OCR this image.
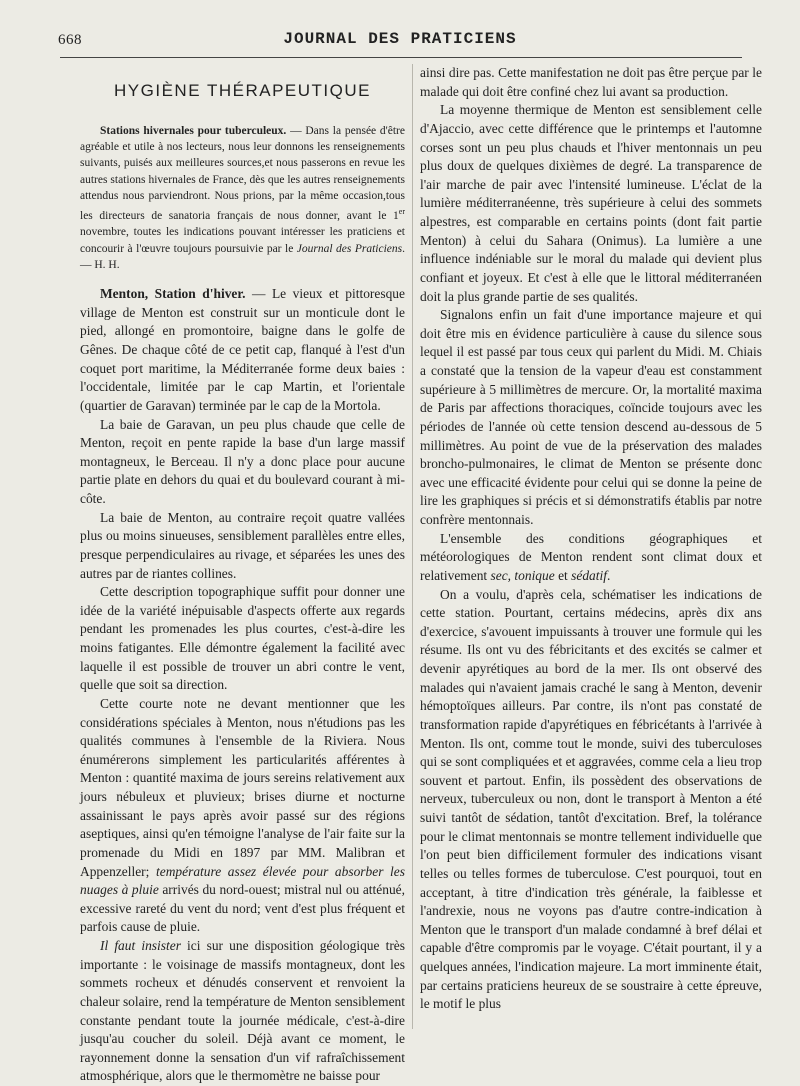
668	JOURNAL DES PRATICIENS
HYGIÈNE THÉRAPEUTIQUE

Stations hivernales pour tuberculeux. — Dans la pensée d'être agréable et utile à nos lecteurs, nous leur donnons les renseignements suivants, puisés aux meilleures sources,et nous passerons en revue les autres stations hivernales de France, dès que les autres renseignements attendus nous parviendront. Nous prions, par la même occasion,tous les directeurs de sanatoria français de nous donner, avant le 1er novembre, toutes les indications pouvant intéresser les praticiens et concourir à l'œuvre toujours poursuivie par le Journal des Praticiens. — H. H.

Menton, Station d'hiver. — Le vieux et pittoresque village de Menton est construit sur un monticule dont le pied, allongé en promontoire, baigne dans le golfe de Gênes. De chaque côté de ce petit cap, flanqué à l'est d'un coquet port maritime, la Méditerranée forme deux baies : l'occidentale, limitée par le cap Martin, et l'orientale (quartier de Garavan) terminée par le cap de la Mortola.

La baie de Garavan, un peu plus chaude que celle de Menton, reçoit en pente rapide la base d'un large massif montagneux, le Berceau. Il n'y a donc place pour aucune partie plate en dehors du quai et du boulevard courant à mi-côte.

La baie de Menton, au contraire reçoit quatre vallées plus ou moins sinueuses, sensiblement parallèles entre elles, presque perpendiculaires au rivage, et séparées les unes des autres par de riantes collines.

Cette description topographique suffit pour donner une idée de la variété inépuisable d'aspects offerte aux regards pendant les promenades les plus courtes, c'est-à-dire les moins fatigantes. Elle démontre également la facilité avec laquelle il est possible de trouver un abri contre le vent, quelle que soit sa direction.

Cette courte note ne devant mentionner que les considérations spéciales à Menton, nous n'étudions pas les qualités communes à l'ensemble de la Riviera. Nous énumérerons simplement les particularités afférentes à Menton : quantité maxima de jours sereins relativement aux jours nébuleux et pluvieux; brises diurne et nocturne assainissant le pays après avoir passé sur des régions aseptiques, ainsi qu'en témoigne l'analyse de l'air faite sur la promenade du Midi en 1897 par MM. Malibran et Appenzeller; température assez élevée pour absorber les nuages à pluie arrivés du nord-ouest; mistral nul ou atténué, excessive rareté du vent du nord; vent d'est plus fréquent et parfois cause de pluie.

Il faut insister ici sur une disposition géologique très importante : le voisinage de massifs montagneux, dont les sommets rocheux et dénudés conservent et renvoient la chaleur solaire, rend la température de Menton sensiblement constante pendant toute la journée médicale, c'est-à-dire jusqu'au coucher du soleil. Déjà avant ce moment, le rayonnement donne la sensation d'un vif rafraîchissement atmosphérique, alors que le thermomètre ne baisse pour

ainsi dire pas. Cette manifestation ne doit pas être perçue par le malade qui doit être confiné chez lui avant sa production.

La moyenne thermique de Menton est sensiblement celle d'Ajaccio, avec cette différence que le printemps et l'automne corses sont un peu plus chauds et l'hiver mentonnais un peu plus doux de quelques dixièmes de degré. La transparence de l'air marche de pair avec l'intensité lumineuse. L'éclat de la lumière méditerranéenne, très supérieure à celui des sommets alpestres, est comparable en certains points (dont fait partie Menton) à celui du Sahara (Onimus). La lumière a une influence indéniable sur le moral du malade qui devient plus confiant et joyeux. Et c'est à elle que le littoral méditerranéen doit la plus grande partie de ses qualités.

Signalons enfin un fait d'une importance majeure et qui doit être mis en évidence particulière à cause du silence sous lequel il est passé par tous ceux qui parlent du Midi. M. Chiais a constaté que la tension de la vapeur d'eau est constamment supérieure à 5 millimètres de mercure. Or, la mortalité maxima de Paris par affections thoraciques, coïncide toujours avec les périodes de l'année où cette tension descend au-dessous de 5 millimètres. Au point de vue de la préservation des malades broncho-pulmonaires, le climat de Menton se présente donc avec une efficacité évidente pour celui qui se donne la peine de lire les graphiques si précis et si démonstratifs établis par notre confrère mentonnais.

L'ensemble des conditions géographiques et météorologiques de Menton rendent sont climat doux et relativement sec, tonique et sédatif.

On a voulu, d'après cela, schématiser les indications de cette station. Pourtant, certains médecins, après dix ans d'exercice, s'avouent impuissants à trouver une formule qui les résume. Ils ont vu des fébricitants et des excités se calmer et devenir apyrétiques au bord de la mer. Ils ont observé des malades qui n'avaient jamais craché le sang à Menton, devenir hémoptoïques ailleurs. Par contre, ils n'ont pas constaté de transformation rapide d'apyrétiques en fébricétants à l'arrivée à Menton. Ils ont, comme tout le monde, suivi des tuberculoses qui se sont compliquées et et aggravées, comme cela a lieu trop souvent et partout. Enfin, ils possèdent des observations de nerveux, tuberculeux ou non, dont le transport à Menton a été suivi tantôt de sédation, tantôt d'excitation. Bref, la tolérance pour le climat mentonnais se montre tellement individuelle que l'on peut bien difficilement formuler des indications visant telles ou telles formes de tuberculose. C'est pourquoi, tout en acceptant, à titre d'indication très générale, la faiblesse et l'andrexie, nous ne voyons pas d'autre contre-indication à Menton que le transport d'un malade condamné à bref délai et capable d'être compromis par le voyage. C'était pourtant, il y a quelques années, l'indication majeure. La mort imminente était, par certains praticiens heureux de se soustraire à cette épreuve, le motif le plus
